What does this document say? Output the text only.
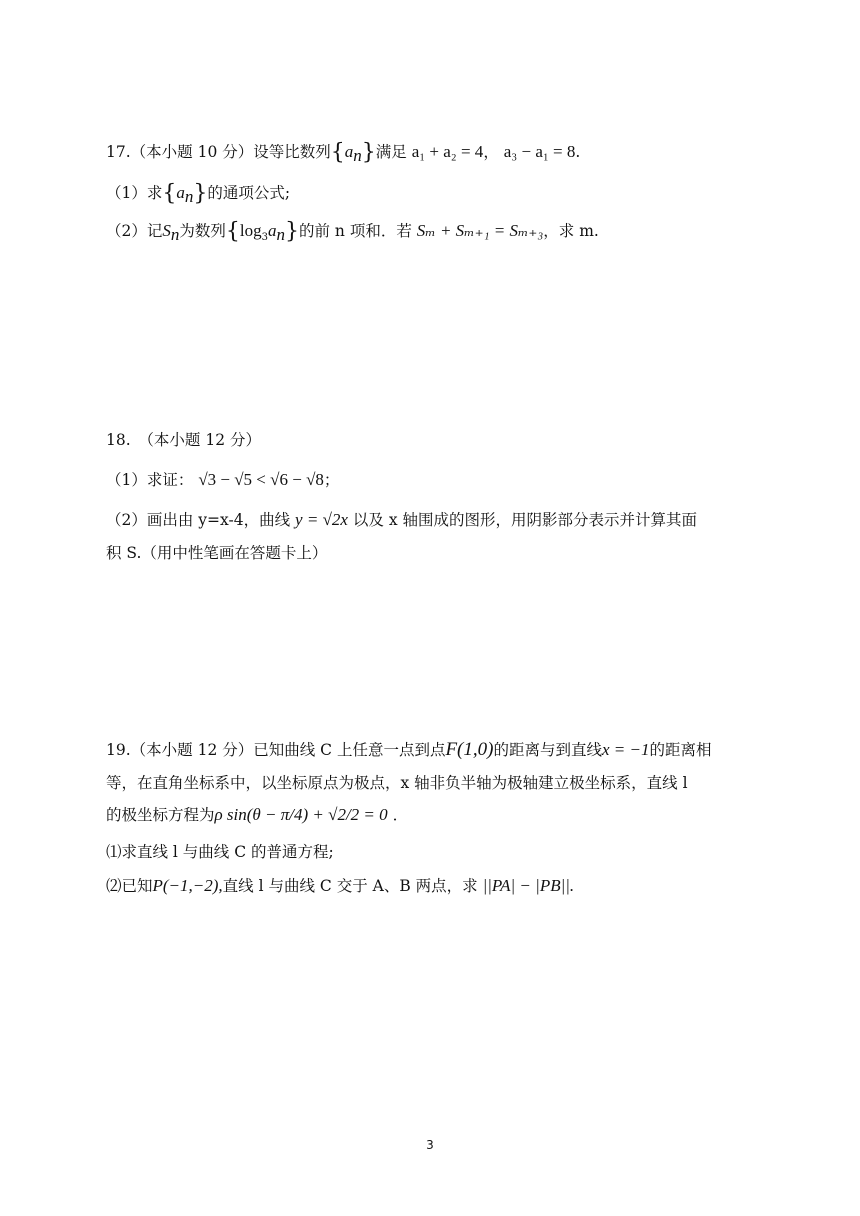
17.（本小题 10 分）设等比数列{an}满足 a₁ + a₂ = 4， a₃ − a₁ = 8.
（1）求{an}的通项公式;
（2）记Sn为数列$\{\log_3an\}$的前 n 项和．若 Sₘ + Sₘ₊₁ = Sₘ₊₃，求 m.
18.　（本小题 12 分）
（1）求证： √3 − √5 < √6 − √8；
（2）画出由 y=x-4，曲线 y = √2x 以及 x 轴围成的图形，用阴影部分表示并计算其面
积 S.（用中性笔画在答题卡上）
19.（本小题 12 分）已知曲线 C 上任意一点到点F(1,0)的距离与到直线x = −1的距离相
等，在直角坐标系中，以坐标原点为极点，x 轴非负半轴为极轴建立极坐标系，直线 l
的极坐标方程为ρ sin(θ − π/4) + √2/2 = 0 ．
⑴求直线 l 与曲线 C 的普通方程;
⑵已知P(−1,−2),直线 l 与曲线 C 交于 A、B 两点，求 ||PA| − |PB||.
3
